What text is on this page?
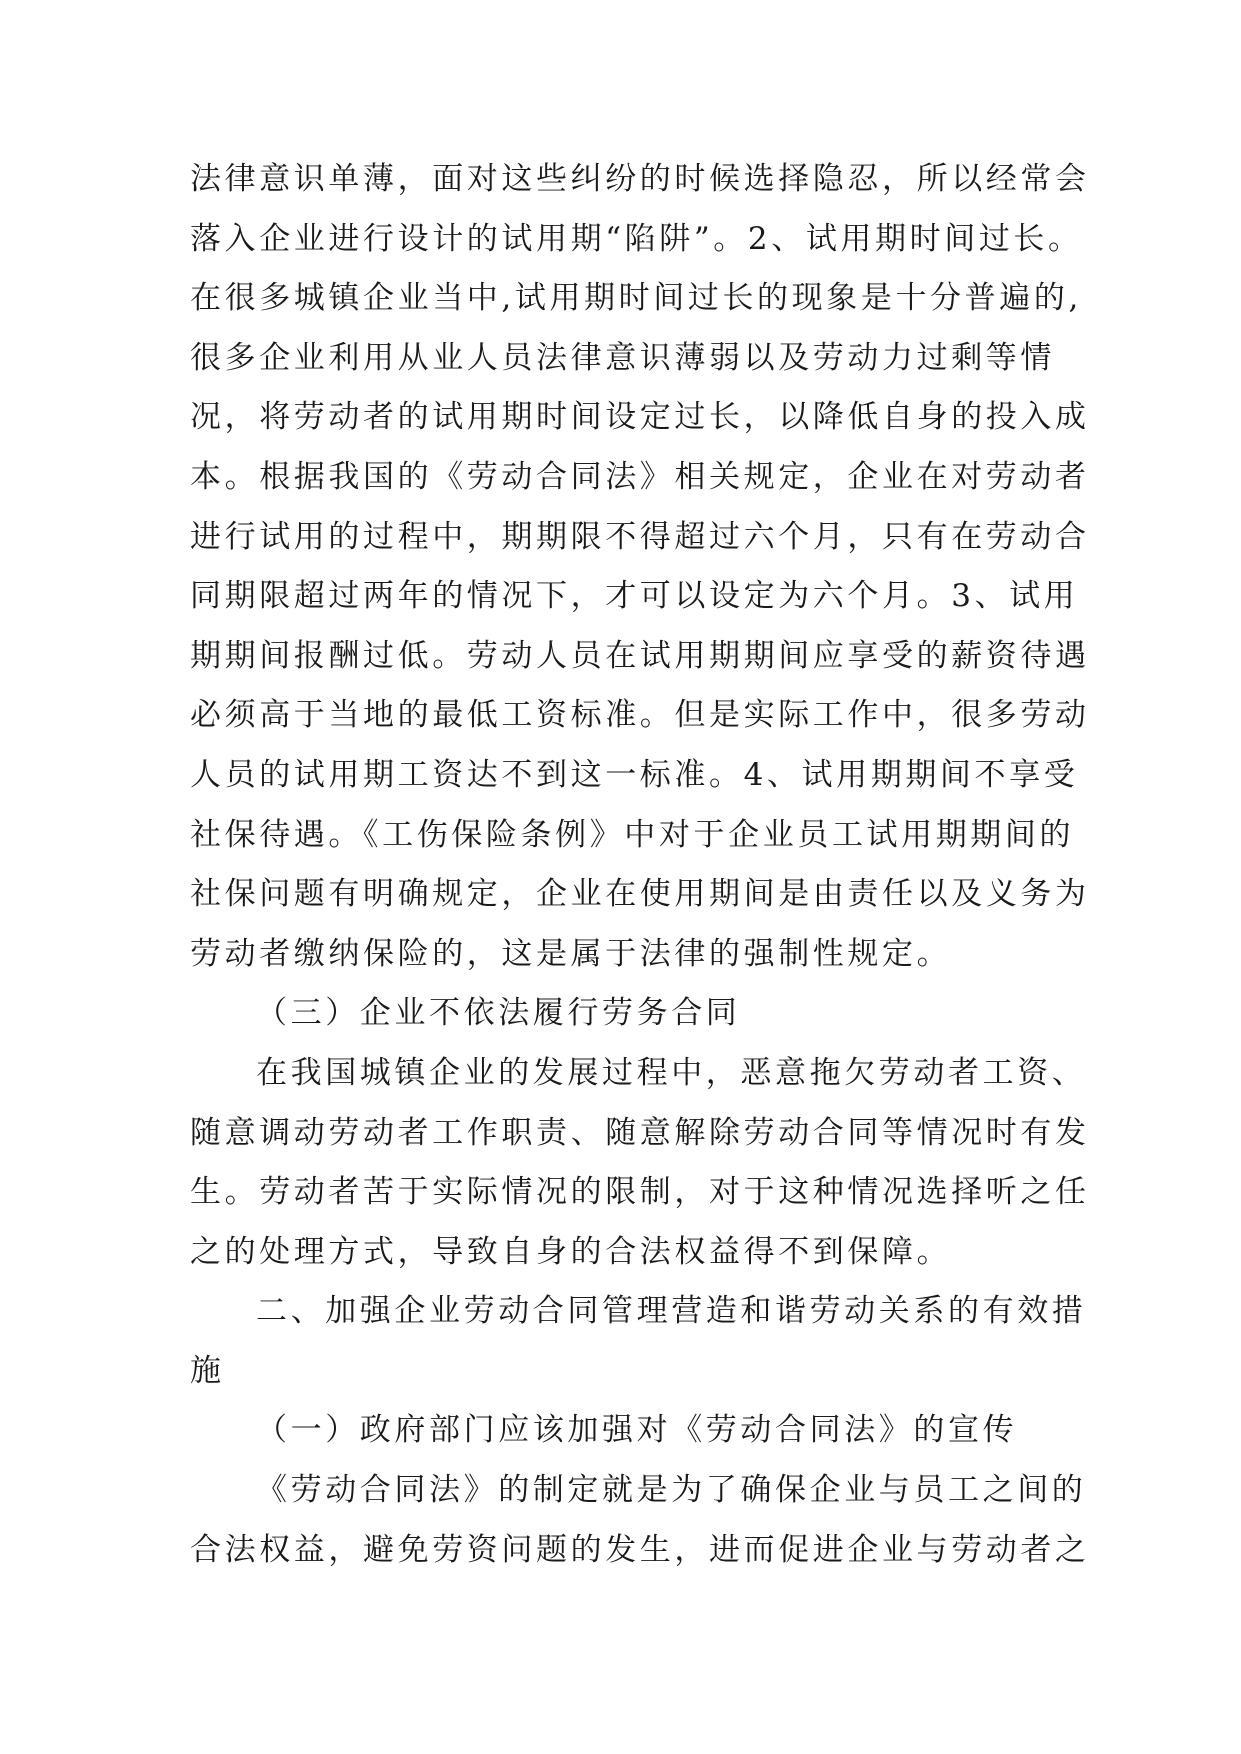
法律意识单薄，面对这些纠纷的时候选择隐忍，所以经常会
落入企业进行设计的试用期“陷阱”。2、试用期时间过长。
在很多城镇企业当中,试用期时间过长的现象是十分普遍的,
很多企业利用从业人员法律意识薄弱以及劳动力过剩等情
况，将劳动者的试用期时间设定过长，以降低自身的投入成
本。根据我国的《劳动合同法》相关规定，企业在对劳动者
进行试用的过程中，期期限不得超过六个月，只有在劳动合
同期限超过两年的情况下，才可以设定为六个月。3、试用
期期间报酬过低。劳动人员在试用期期间应享受的薪资待遇
必须高于当地的最低工资标准。但是实际工作中，很多劳动
人员的试用期工资达不到这一标准。4、试用期期间不享受
社保待遇。《工伤保险条例》中对于企业员工试用期期间的
社保问题有明确规定，企业在使用期间是由责任以及义务为
劳动者缴纳保险的，这是属于法律的强制性规定。
（三）企业不依法履行劳务合同
在我国城镇企业的发展过程中，恶意拖欠劳动者工资、
随意调动劳动者工作职责、随意解除劳动合同等情况时有发
生。劳动者苦于实际情况的限制，对于这种情况选择听之任
之的处理方式，导致自身的合法权益得不到保障。
二、加强企业劳动合同管理营造和谐劳动关系的有效措
施
（一）政府部门应该加强对《劳动合同法》的宣传
《劳动合同法》的制定就是为了确保企业与员工之间的
合法权益，避免劳资问题的发生，进而促进企业与劳动者之
